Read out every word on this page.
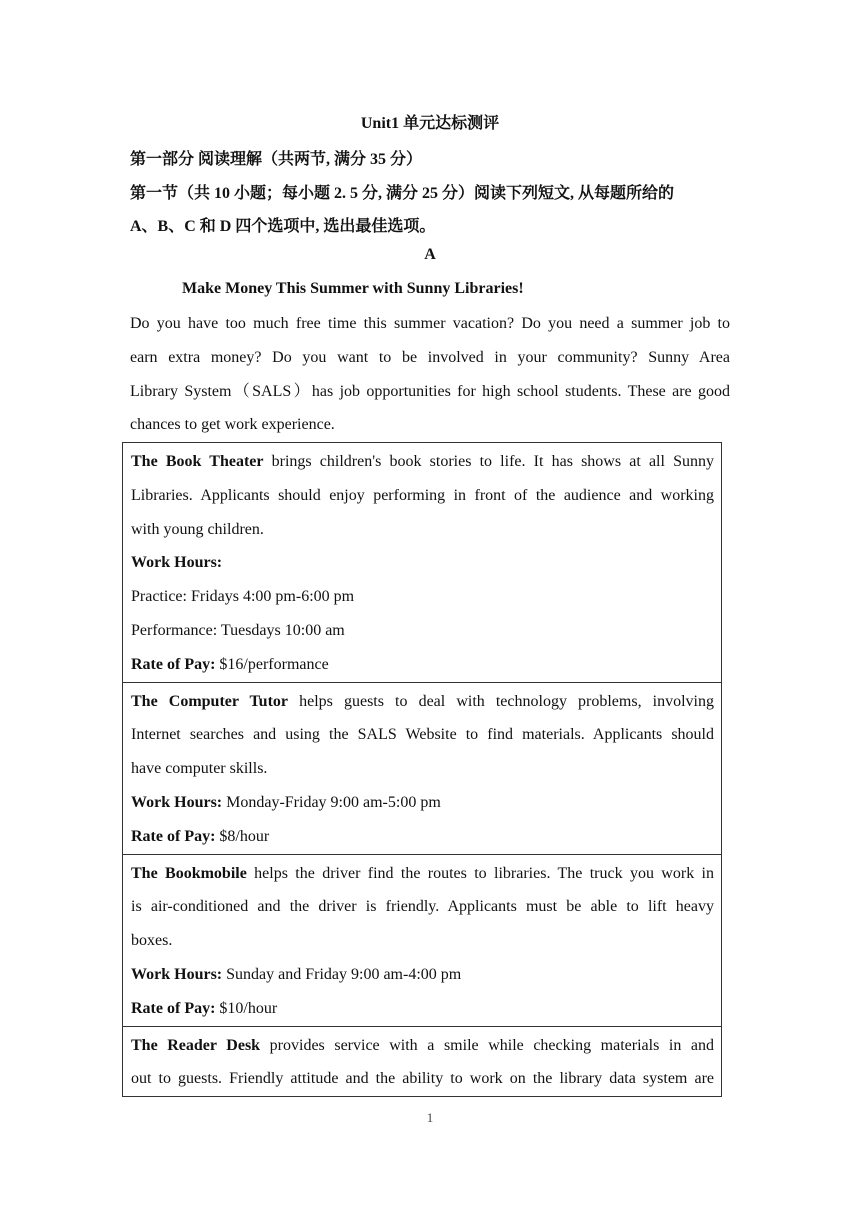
Unit1 单元达标测评
第一部分 阅读理解（共两节, 满分 35 分）
第一节（共 10 小题；每小题 2. 5 分, 满分 25 分）阅读下列短文, 从每题所给的
A、B、C 和 D 四个选项中, 选出最佳选项。
A
Make Money This Summer with Sunny Libraries!
Do you have too much free time this summer vacation? Do you need a summer job to
earn extra money? Do you want to be involved in your community? Sunny Area
Library System（SALS）has job opportunities for high school students. These are good
chances to get work experience.
The Book Theater brings children's book stories to life. It has shows at all Sunny
Libraries. Applicants should enjoy performing in front of the audience and working
with young children.
Work Hours:
Practice: Fridays 4:00 pm-6:00 pm
Performance: Tuesdays 10:00 am
Rate of Pay: $16/performance

The Computer Tutor helps guests to deal with technology problems, involving
Internet searches and using the SALS Website to find materials. Applicants should
have computer skills.
Work Hours: Monday-Friday 9:00 am-5:00 pm
Rate of Pay: $8/hour

The Bookmobile helps the driver find the routes to libraries. The truck you work in
is air-conditioned and the driver is friendly. Applicants must be able to lift heavy
boxes.
Work Hours: Sunday and Friday 9:00 am-4:00 pm
Rate of Pay: $10/hour

The Reader Desk provides service with a smile while checking materials in and
out to guests. Friendly attitude and the ability to work on the library data system are
1
